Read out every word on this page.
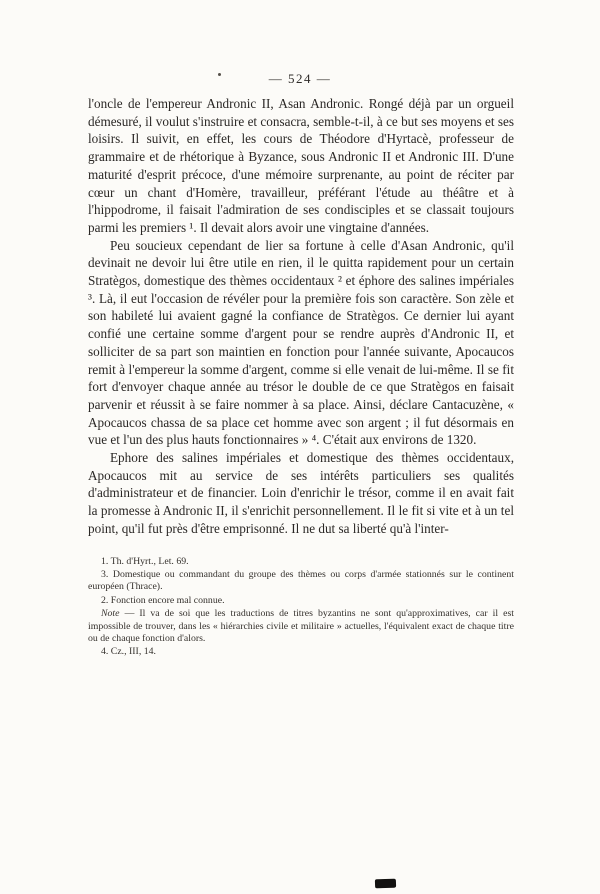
— 524 —

l'oncle de l'empereur Andronic II, Asan Andronic. Rongé déjà par un orgueil démesuré, il voulut s'instruire et consacra, semble-t-il, à ce but ses moyens et ses loisirs. Il suivit, en effet, les cours de Théodore d'Hyrtacè, professeur de grammaire et de rhétorique à Byzance, sous Andronic II et Andronic III. D'une maturité d'esprit précoce, d'une mémoire surprenante, au point de réciter par cœur un chant d'Homère, travailleur, préférant l'étude au théâtre et à l'hippodrome, il faisait l'admiration de ses condisciples et se classait toujours parmi les premiers ¹. Il devait alors avoir une vingtaine d'années.

Peu soucieux cependant de lier sa fortune à celle d'Asan Andronic, qu'il devinait ne devoir lui être utile en rien, il le quitta rapidement pour un certain Stratègos, domestique des thèmes occidentaux ² et éphore des salines impériales ³. Là, il eut l'occasion de révéler pour la première fois son caractère. Son zèle et son habileté lui avaient gagné la confiance de Stratègos. Ce dernier lui ayant confié une certaine somme d'argent pour se rendre auprès d'Andronic II, et solliciter de sa part son maintien en fonction pour l'année suivante, Apocaucos remit à l'empereur la somme d'argent, comme si elle venait de lui-même. Il se fit fort d'envoyer chaque année au trésor le double de ce que Stratègos en faisait parvenir et réussit à se faire nommer à sa place. Ainsi, déclare Cantacuzène, « Apocaucos chassa de sa place cet homme avec son argent ; il fut désormais en vue et l'un des plus hauts fonctionnaires » ⁴. C'était aux environs de 1320.

Ephore des salines impériales et domestique des thèmes occidentaux, Apocaucos mit au service de ses intérêts particuliers ses qualités d'administrateur et de financier. Loin d'enrichir le trésor, comme il en avait fait la promesse à Andronic II, il s'enrichit personnellement. Il le fit si vite et à un tel point, qu'il fut près d'être emprisonné. Il ne dut sa liberté qu'à l'inter-

1. Th. d'Hyrt., Let. 69.

3. Domestique ou commandant du groupe des thèmes ou corps d'armée stationnés sur le continent européen (Thrace).

2. Fonction encore mal connue.

Note — Il va de soi que les traductions de titres byzantins ne sont qu'approximatives, car il est impossible de trouver, dans les « hiérarchies civile et militaire » actuelles, l'équivalent exact de chaque titre ou de chaque fonction d'alors.

4. Cz., III, 14.
